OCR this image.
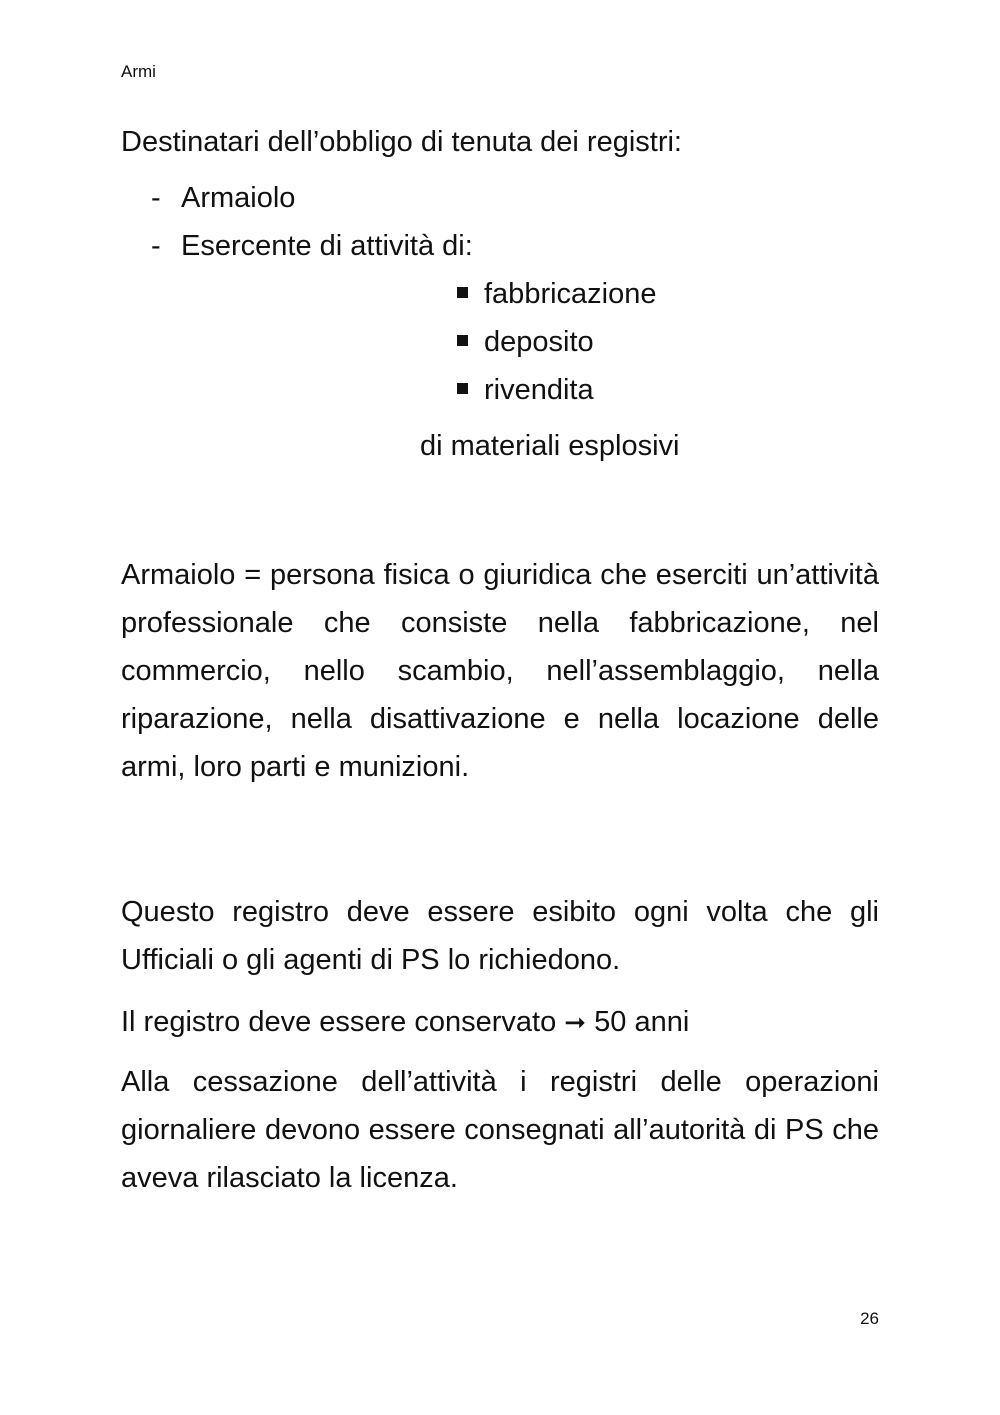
Armi

Destinatari dell’obbligo di tenuta dei registri:

- Armaiolo
- Esercente di attività di:
fabbricazione
deposito
rivendita

di materiali esplosivi

Armaiolo = persona fisica o giuridica che eserciti un’attività professionale che consiste nella fabbricazione, nel commercio, nello scambio, nell’assemblaggio, nella riparazione, nella disattivazione e nella locazione delle armi, loro parti e munizioni.

Questo registro deve essere esibito ogni volta che gli Ufficiali o gli agenti di PS lo richiedono.

Il registro deve essere conservato ➞ 50 anni

Alla cessazione dell’attività i registri delle operazioni giornaliere devono essere consegnati all’autorità di PS che aveva rilasciato la licenza.

26
